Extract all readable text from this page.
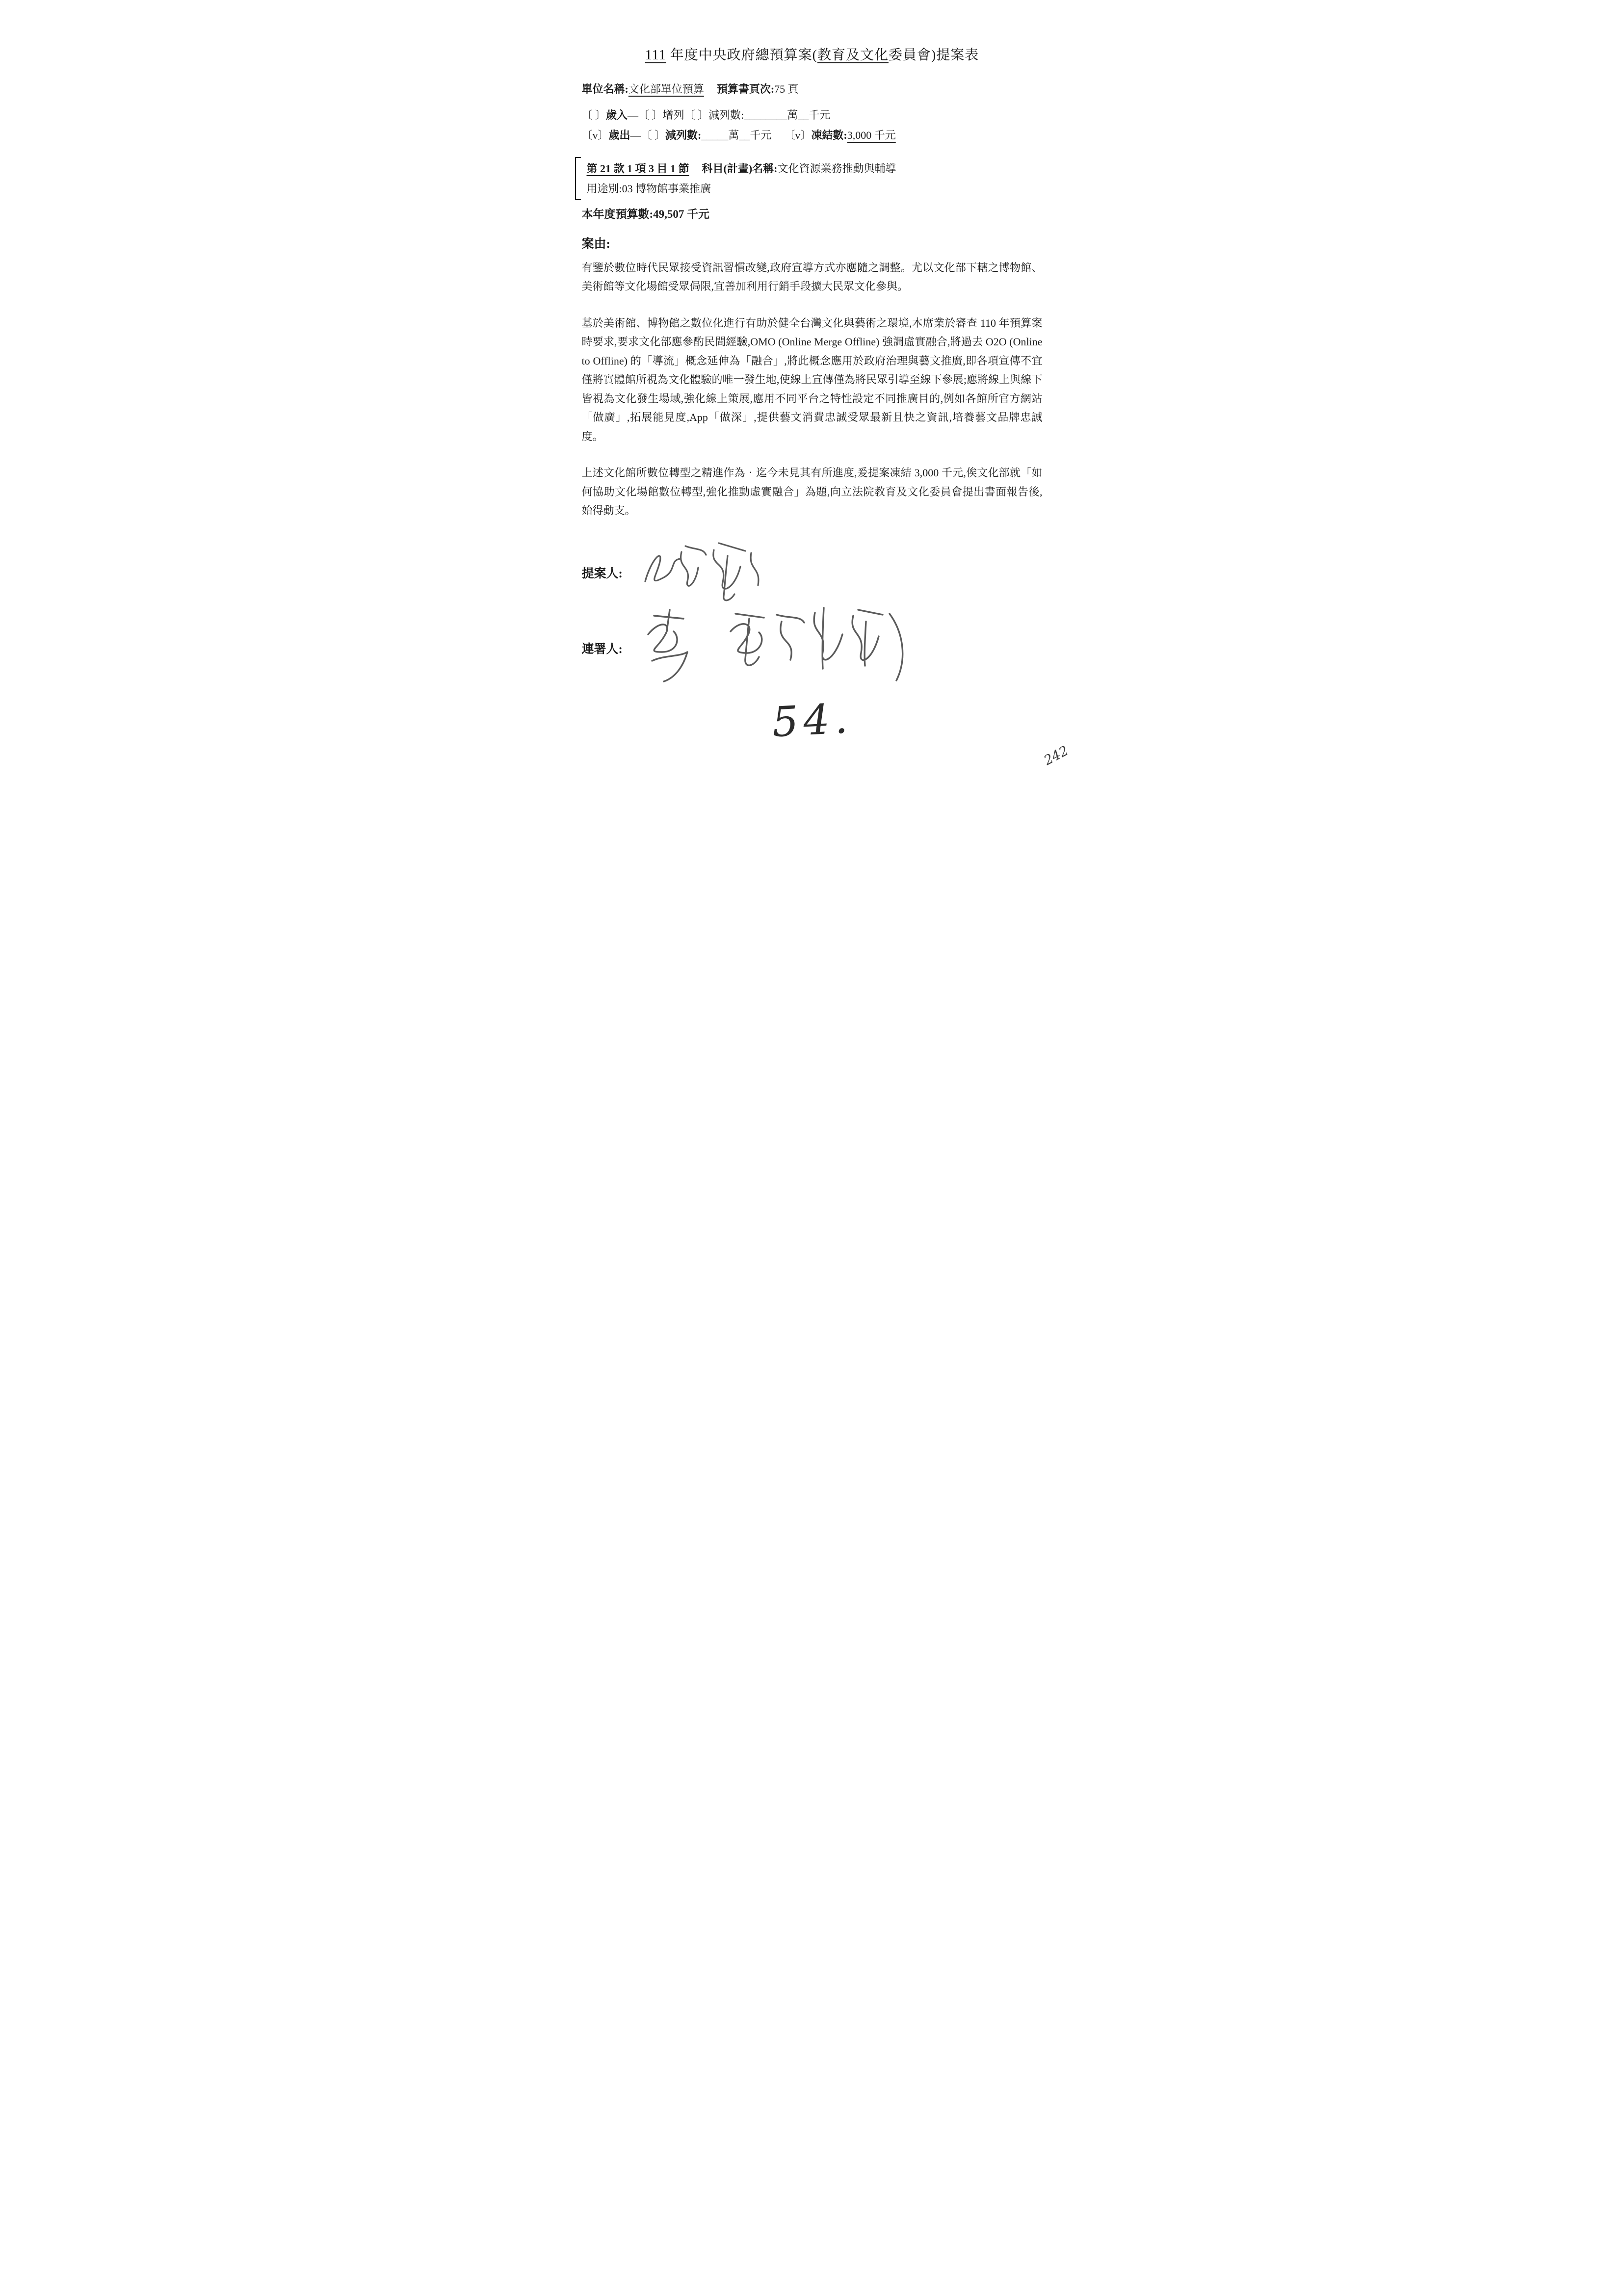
111 年度中央政府總預算案(教育及文化委員會)提案表
單位名稱:文化部單位預算 預算書頁次:75 頁
〔 〕歲入—〔 〕增列〔 〕減列數:________萬__千元
〔v〕歲出—〔 〕減列數:_____萬__千元 〔v〕凍結數:3,000 千元
第 21 款 1 項 3 目 1 節 科目(計畫)名稱:文化資源業務推動與輔導
用途別:03 博物館事業推廣
本年度預算數:49,507 千元
案由:

有鑒於數位時代民眾接受資訊習慣改變,政府宣導方式亦應隨之調整。尤以文化部下轄之博物館、美術館等文化場館受眾侷限,宜善加利用行銷手段擴大民眾文化參與。

基於美術館、博物館之數位化進行有助於健全台灣文化與藝術之環境,本席業於審查 110 年預算案時要求,要求文化部應參酌民間經驗,OMO (Online Merge Offline) 強調虛實融合,將過去 O2O (Online to Offline) 的「導流」概念延伸為「融合」,將此概念應用於政府治理與藝文推廣,即各項宣傳不宜僅將實體館所視為文化體驗的唯一發生地,使線上宣傳僅為將民眾引導至線下參展;應將線上與線下皆視為文化發生場域,強化線上策展,應用不同平台之特性設定不同推廣目的,例如各館所官方網站「做廣」,拓展能見度,App「做深」,提供藝文消費忠誠受眾最新且快之資訊,培養藝文品牌忠誠度。

上述文化館所數位轉型之精進作為‧迄今未見其有所進度,爰提案凍結 3,000 千元,俟文化部就「如何協助文化場館數位轉型,強化推動虛實融合」為題,向立法院教育及文化委員會提出書面報告後,始得動支。

提案人:
連署人:
54.
242
